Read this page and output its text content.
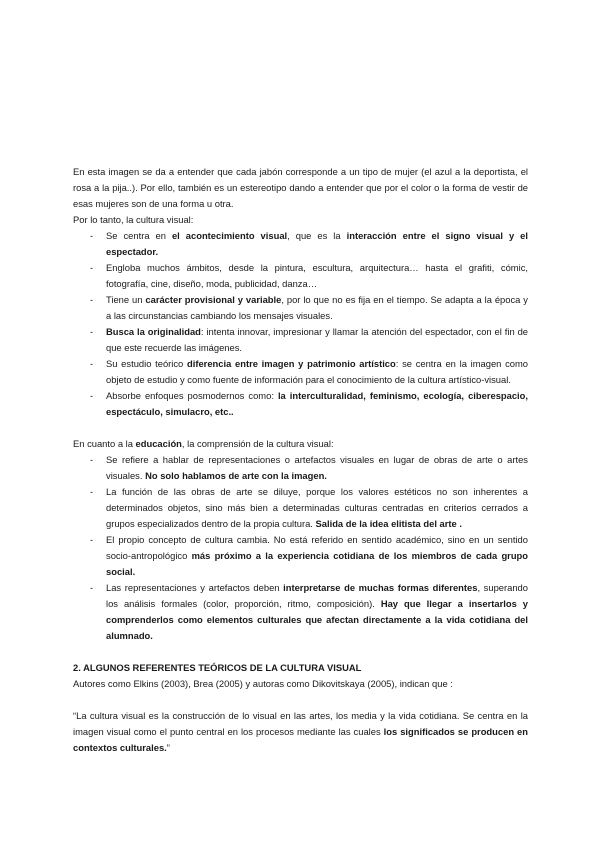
En esta imagen se da a entender que cada jabón corresponde a un tipo de mujer (el azul a la deportista, el rosa a la pija..). Por ello, también es un estereotipo dando a entender que por el color o la forma de vestir de esas mujeres son de una forma u otra.

Por lo tanto, la cultura visual:

- Se centra en el acontecimiento visual, que es la interacción entre el signo visual y el espectador.
- Engloba muchos ámbitos, desde la pintura, escultura, arquitectura… hasta el grafiti, cómic, fotografía, cine, diseño, moda, publicidad, danza…
- Tiene un carácter provisional y variable, por lo que no es fija en el tiempo. Se adapta a la época y a las circunstancias cambiando los mensajes visuales.
- Busca la originalidad: intenta innovar, impresionar y llamar la atención del espectador, con el fin de que este recuerde las imágenes.
- Su estudio teórico diferencia entre imagen y patrimonio artístico: se centra en la imagen como objeto de estudio y como fuente de información para el conocimiento de la cultura artístico-visual.
- Absorbe enfoques posmodernos como: la interculturalidad, feminismo, ecología, ciberespacio, espectáculo, simulacro, etc..

En cuanto a la educación, la comprensión de la cultura visual:

- Se refiere a hablar de representaciones o artefactos visuales en lugar de obras de arte o artes visuales. No solo hablamos de arte con la imagen.
- La función de las obras de arte se diluye, porque los valores estéticos no son inherentes a determinados objetos, sino más bien a determinadas culturas centradas en criterios cerrados a grupos especializados dentro de la propia cultura. Salida de la idea elitista del arte .
- El propio concepto de cultura cambia. No está referido en sentido académico, sino en un sentido socio-antropológico más próximo a la experiencia cotidiana de los miembros de cada grupo social.
- Las representaciones y artefactos deben interpretarse de muchas formas diferentes, superando los análisis formales (color, proporción, ritmo, composición). Hay que llegar a insertarlos y comprenderlos como elementos culturales que afectan directamente a la vida cotidiana del alumnado.

2. ALGUNOS REFERENTES TEÓRICOS DE LA CULTURA VISUAL

Autores como Elkins (2003), Brea (2005) y autoras como Dikovitskaya (2005), indican que :

“La cultura visual es la construcción de lo visual en las artes, los media y la vida cotidiana. Se centra en la imagen visual como el punto central en los procesos mediante las cuales los significados se producen en contextos culturales.”
